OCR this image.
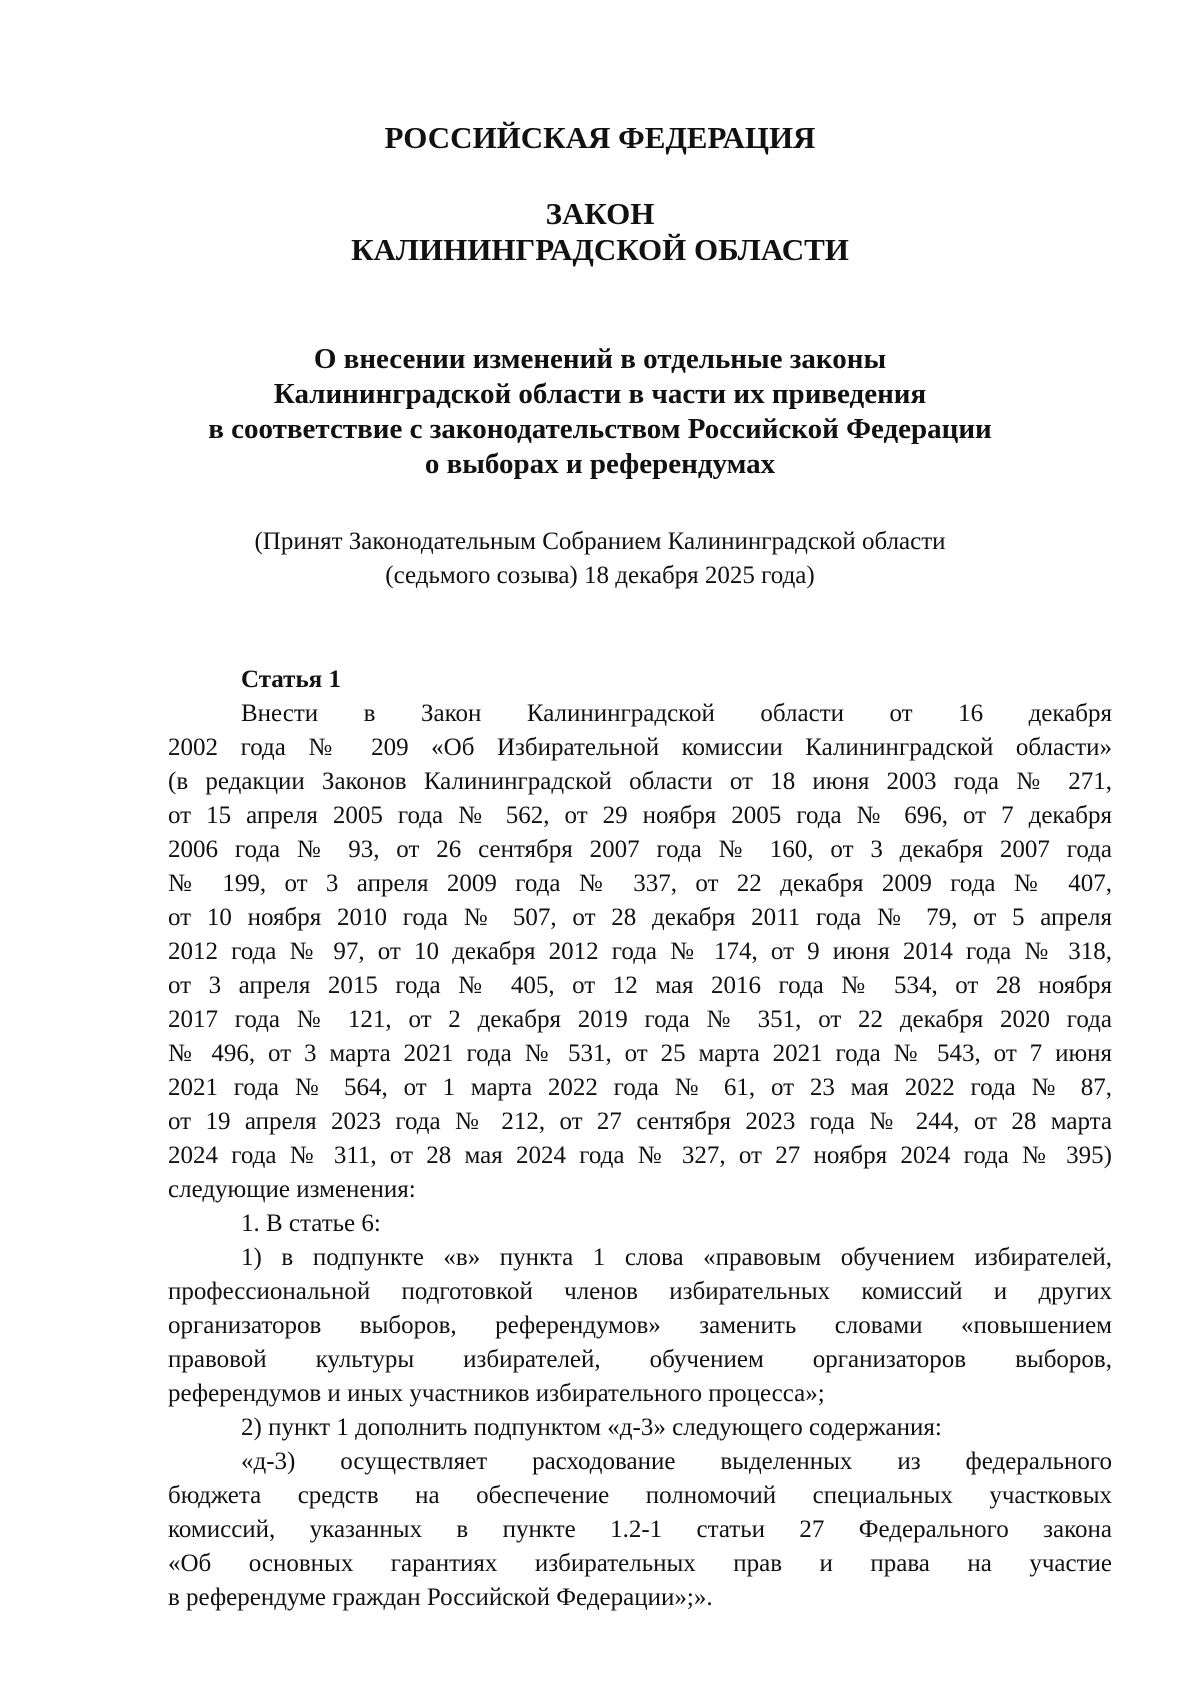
РОССИЙСКАЯ ФЕДЕРАЦИЯ
ЗАКОН
КАЛИНИНГРАДСКОЙ ОБЛАСТИ
О внесении изменений в отдельные законы
Калининградской области в части их приведения
в соответствие с законодательством Российской Федерации
о выборах и референдумах
(Принят Законодательным Собранием Калининградской области
(седьмого созыва) 18 декабря 2025 года)
Статья 1
Внести в Закон Калининградской области от 16 декабря
2002 года № 209 «Об Избирательной комиссии Калининградской области»
(в редакции Законов Калининградской области от 18 июня 2003 года № 271,
от 15 апреля 2005 года № 562, от 29 ноября 2005 года № 696, от 7 декабря
2006 года № 93, от 26 сентября 2007 года № 160, от 3 декабря 2007 года
№ 199, от 3 апреля 2009 года № 337, от 22 декабря 2009 года № 407,
от 10 ноября 2010 года № 507, от 28 декабря 2011 года № 79, от 5 апреля
2012 года № 97, от 10 декабря 2012 года № 174, от 9 июня 2014 года № 318,
от 3 апреля 2015 года № 405, от 12 мая 2016 года № 534, от 28 ноября
2017 года № 121, от 2 декабря 2019 года № 351, от 22 декабря 2020 года
№ 496, от 3 марта 2021 года № 531, от 25 марта 2021 года № 543, от 7 июня
2021 года № 564, от 1 марта 2022 года № 61, от 23 мая 2022 года № 87,
от 19 апреля 2023 года № 212, от 27 сентября 2023 года № 244, от 28 марта
2024 года № 311, от 28 мая 2024 года № 327, от 27 ноября 2024 года № 395)
следующие изменения:
1. В статье 6:
1) в подпункте «в» пункта 1 слова «правовым обучением избирателей,
профессиональной подготовкой членов избирательных комиссий и других
организаторов выборов, референдумов» заменить словами «повышением
правовой культуры избирателей, обучением организаторов выборов,
референдумов и иных участников избирательного процесса»;
2) пункт 1 дополнить подпунктом «д-3» следующего содержания:
«д-3) осуществляет расходование выделенных из федерального
бюджета средств на обеспечение полномочий специальных участковых
комиссий, указанных в пункте 1.2-1 статьи 27 Федерального закона
«Об основных гарантиях избирательных прав и права на участие
в референдуме граждан Российской Федерации»;».
